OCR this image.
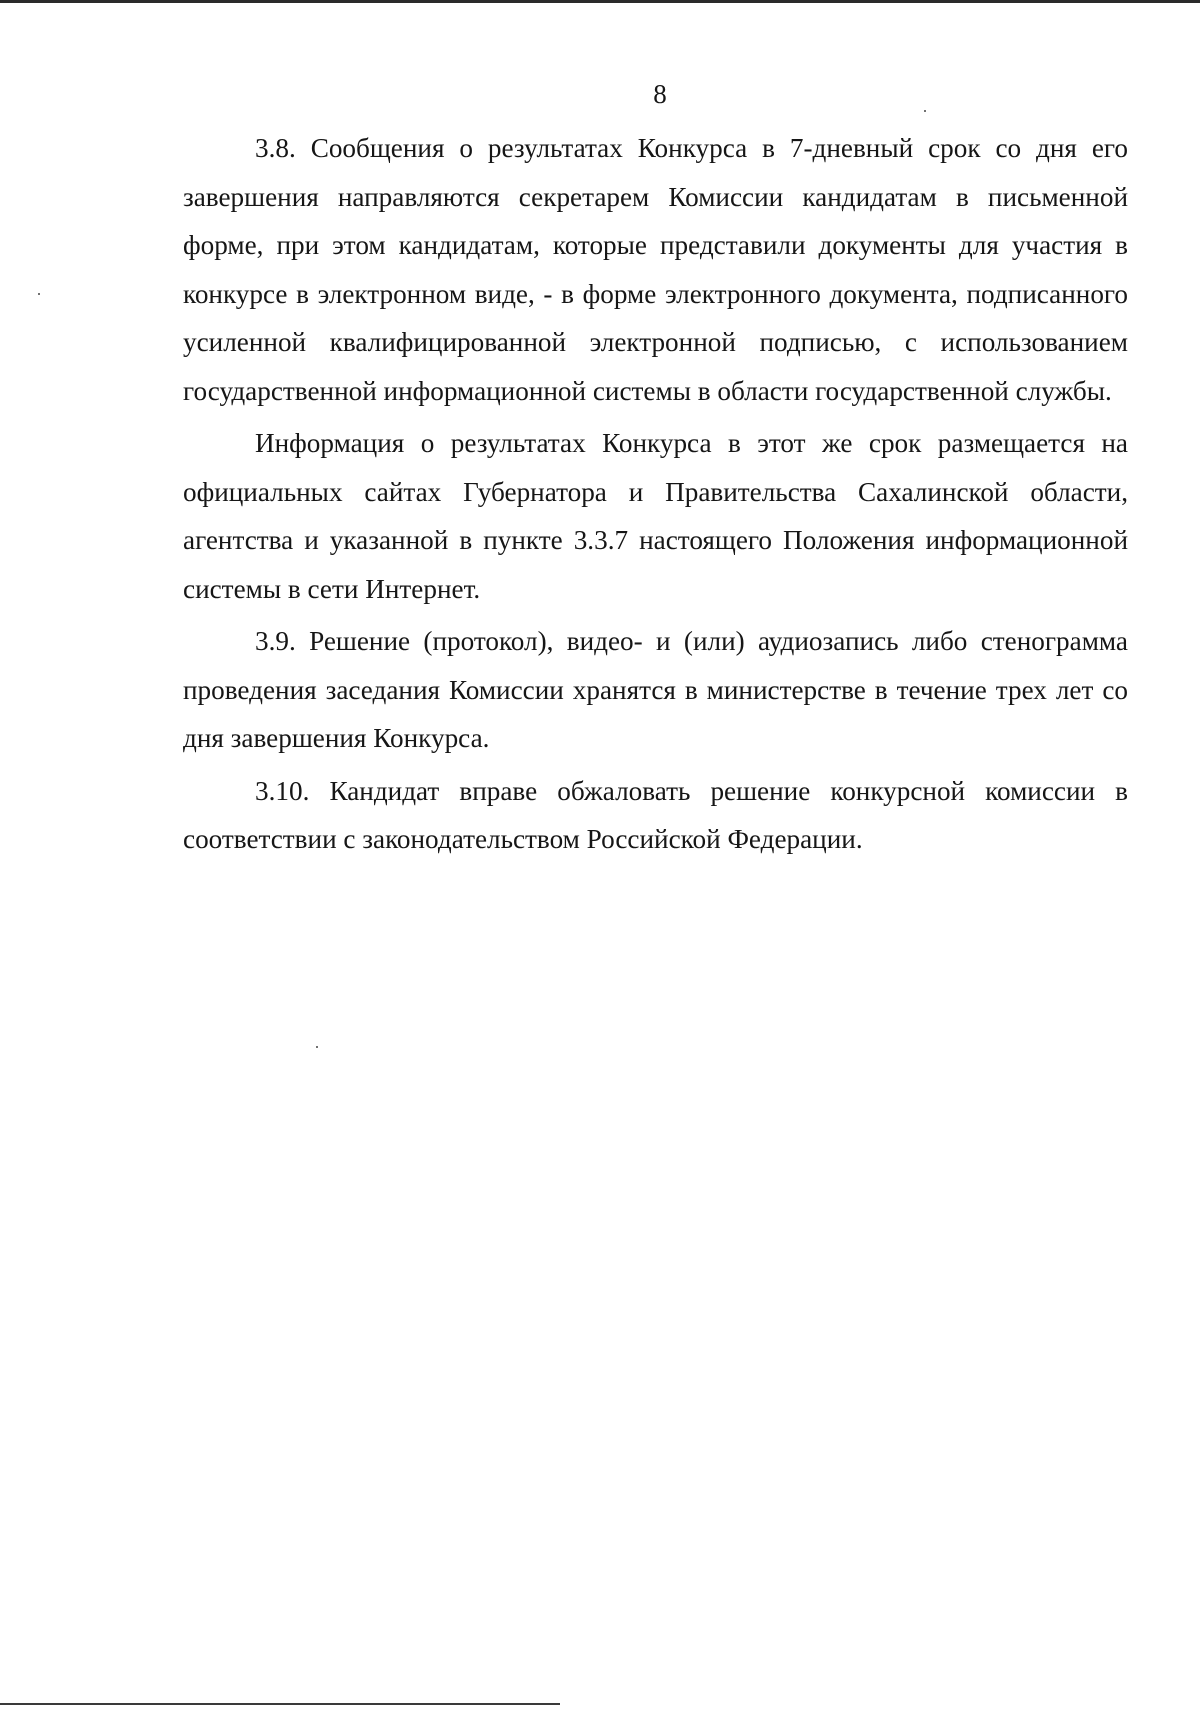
8

3.8. Сообщения о результатах Конкурса в 7-дневный срок со дня его завершения направляются секретарем Комиссии кандидатам в письменной форме, при этом кандидатам, которые представили документы для участия в конкурсе в электронном виде, - в форме электронного документа, подписанного усиленной квалифицированной электронной подписью, с использованием государственной информационной системы в области государственной службы.

Информация о результатах Конкурса в этот же срок размещается на официальных сайтах Губернатора и Правительства Сахалинской области, агентства и указанной в пункте 3.3.7 настоящего Положения информационной системы в сети Интернет.

3.9. Решение (протокол), видео- и (или) аудиозапись либо стенограмма проведения заседания Комиссии хранятся в министерстве в течение трех лет со дня завершения Конкурса.

3.10. Кандидат вправе обжаловать решение конкурсной комиссии в соответствии с законодательством Российской Федерации.
